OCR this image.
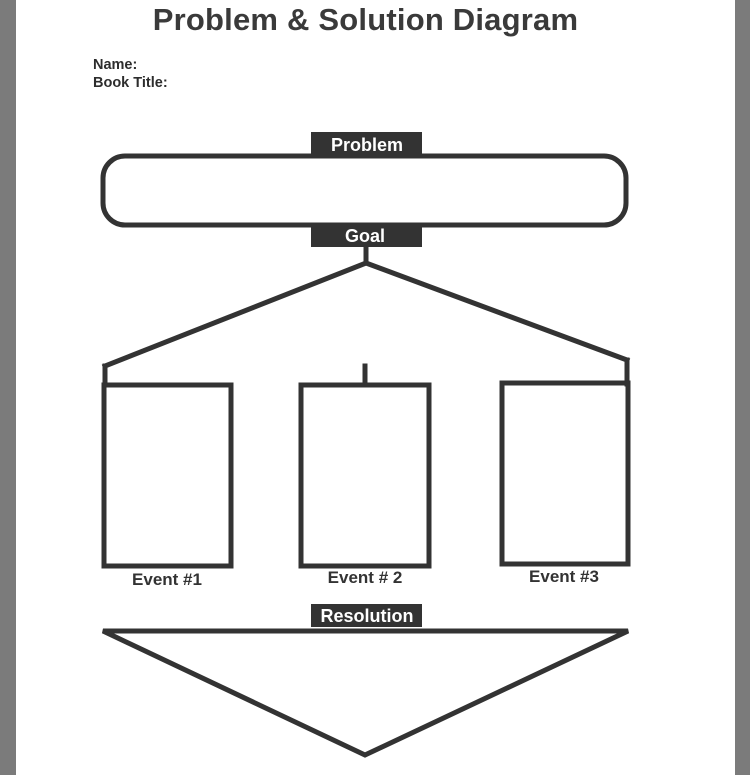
Problem & Solution Diagram
Name:
Book Title:
Problem
Goal
Event #1	Event # 2	Event #3
Resolution
